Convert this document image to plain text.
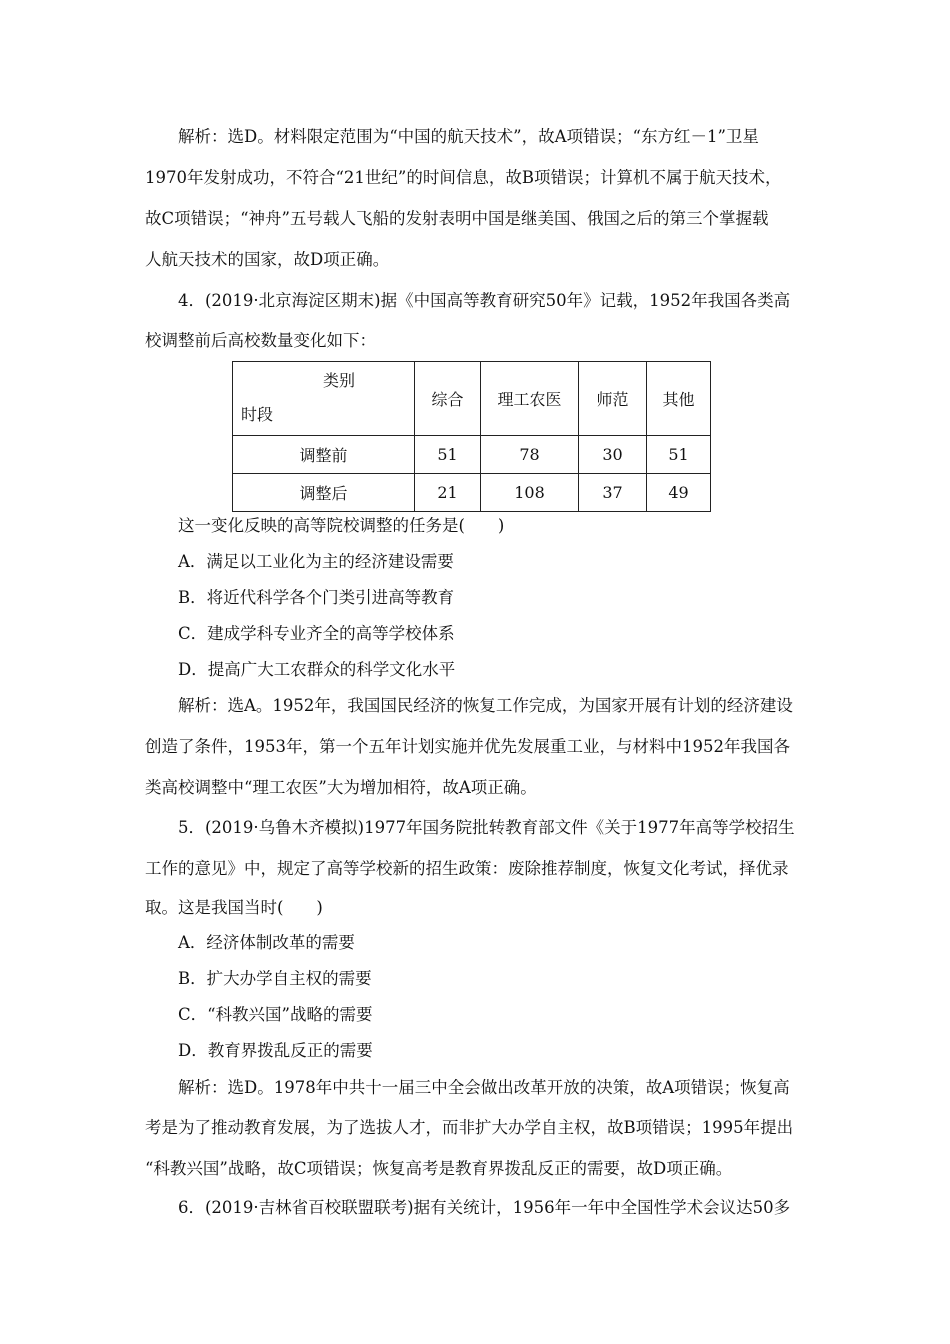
解析：选D。材料限定范围为“中国的航天技术”，故A项错误；“东方红－1”卫星
1970年发射成功，不符合“21世纪”的时间信息，故B项错误；计算机不属于航天技术，
故C项错误；“神舟”五号载人飞船的发射表明中国是继美国、俄国之后的第三个掌握载
人航天技术的国家，故D项正确。
4．(2019·北京海淀区期末)据《中国高等教育研究50年》记载，1952年我国各类高
校调整前后高校数量变化如下：
类别
时段	综合	理工农医	师范	其他
调整前	51	78	30	51
调整后	21	108	37	49
这一变化反映的高等院校调整的任务是(　　)
A．满足以工业化为主的经济建设需要
B．将近代科学各个门类引进高等教育
C．建成学科专业齐全的高等学校体系
D．提高广大工农群众的科学文化水平
解析：选A。1952年，我国国民经济的恢复工作完成，为国家开展有计划的经济建设
创造了条件，1953年，第一个五年计划实施并优先发展重工业，与材料中1952年我国各
类高校调整中“理工农医”大为增加相符，故A项正确。
5．(2019·乌鲁木齐模拟)1977年国务院批转教育部文件《关于1977年高等学校招生
工作的意见》中，规定了高等学校新的招生政策：废除推荐制度，恢复文化考试，择优录
取。这是我国当时(　　)
A．经济体制改革的需要
B．扩大办学自主权的需要
C．“科教兴国”战略的需要
D．教育界拨乱反正的需要
解析：选D。1978年中共十一届三中全会做出改革开放的决策，故A项错误；恢复高
考是为了推动教育发展，为了选拔人才，而非扩大办学自主权，故B项错误；1995年提出
“科教兴国”战略，故C项错误；恢复高考是教育界拨乱反正的需要，故D项正确。
6．(2019·吉林省百校联盟联考)据有关统计，1956年一年中全国性学术会议达50多
